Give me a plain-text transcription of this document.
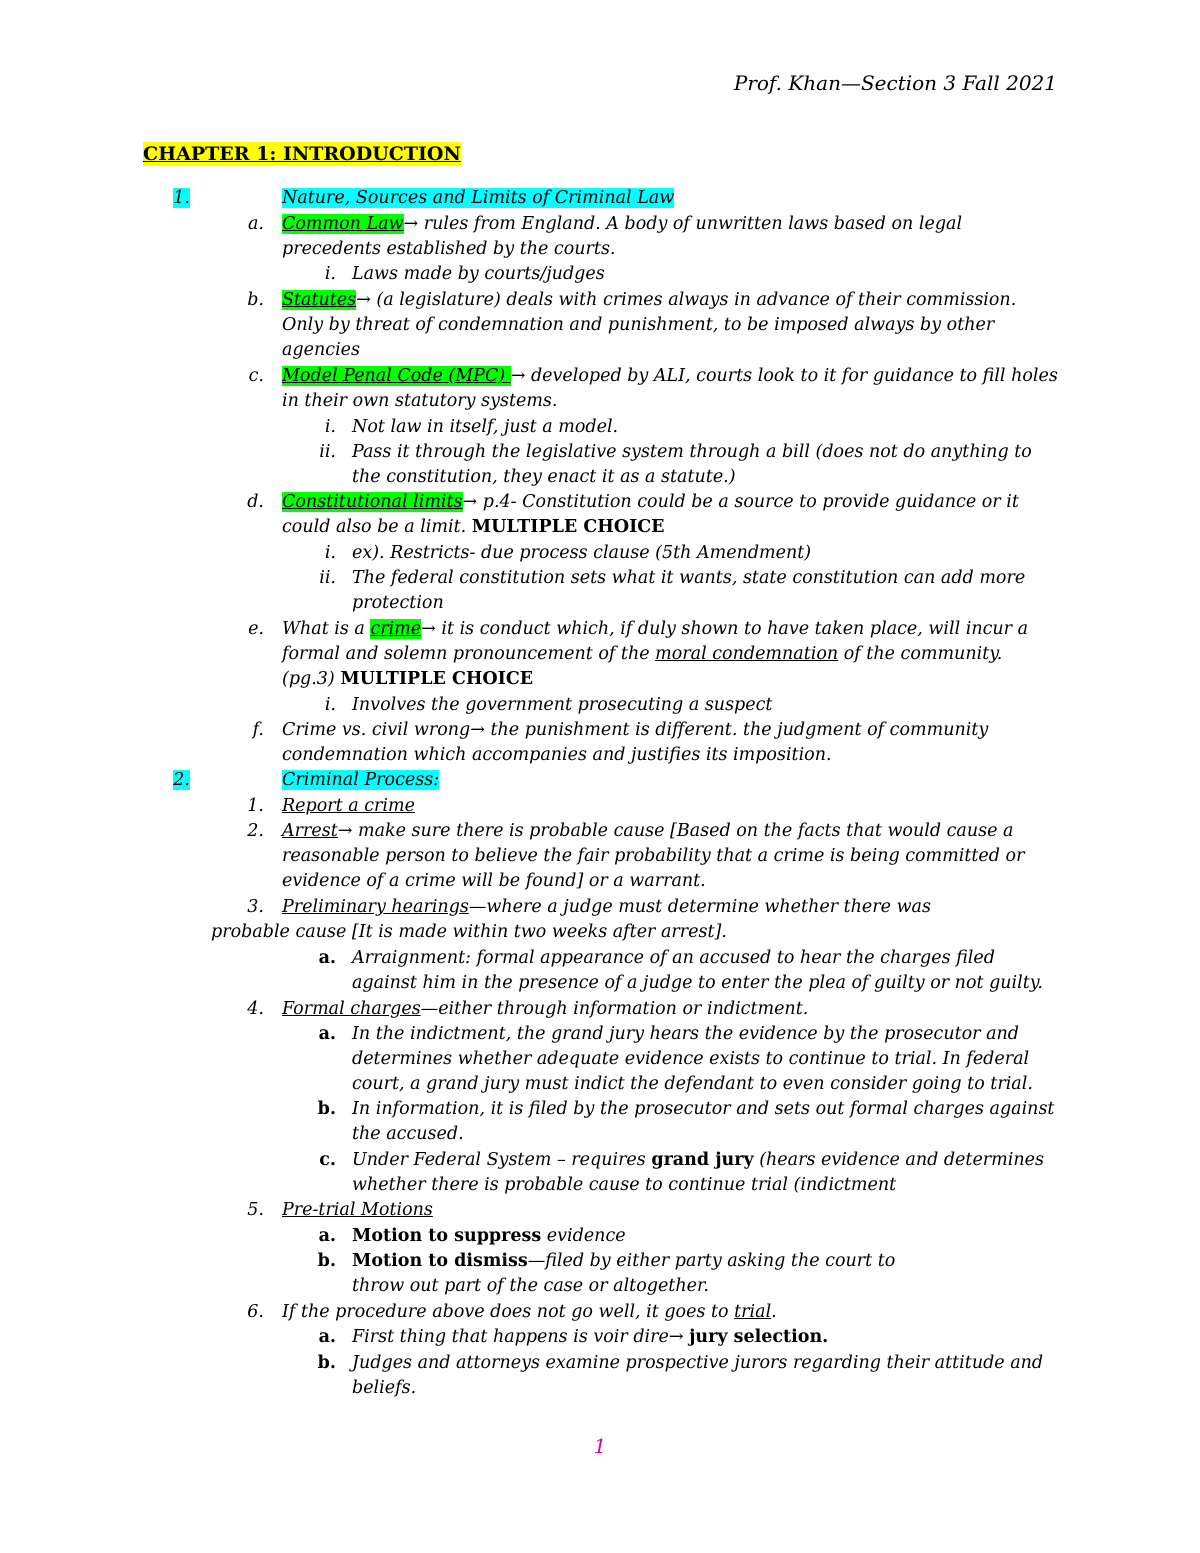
Prof. Khan—Section 3 Fall 2021
CHAPTER 1: INTRODUCTION
1.	Nature, Sources and Limits of Criminal Law
a. Common Law→ rules from England. A body of unwritten laws based on legal
precedents established by the courts.
i. Laws made by courts/judges
b. Statutes→ (a legislature) deals with crimes always in advance of their commission.
Only by threat of condemnation and punishment, to be imposed always by other
agencies
c. Model Penal Code (MPC) → developed by ALI, courts look to it for guidance to fill holes
in their own statutory systems.
i. Not law in itself, just a model.
ii. Pass it through the legislative system through a bill (does not do anything to
the constitution, they enact it as a statute.)
d. Constitutional limits→ p.4- Constitution could be a source to provide guidance or it
could also be a limit. MULTIPLE CHOICE
i. ex). Restricts- due process clause (5th Amendment)
ii. The federal constitution sets what it wants, state constitution can add more
protection
e. What is a crime→ it is conduct which, if duly shown to have taken place, will incur a
formal and solemn pronouncement of the moral condemnation of the community.
(pg.3) MULTIPLE CHOICE
i. Involves the government prosecuting a suspect
f. Crime vs. civil wrong→ the punishment is different. the judgment of community
condemnation which accompanies and justifies its imposition.
2.	Criminal Process:
1. Report a crime
2. Arrest→ make sure there is probable cause [Based on the facts that would cause a
reasonable person to believe the fair probability that a crime is being committed or
evidence of a crime will be found] or a warrant.
3. Preliminary hearings—where a judge must determine whether there was
probable cause [It is made within two weeks after arrest].
a. Arraignment: formal appearance of an accused to hear the charges filed
against him in the presence of a judge to enter the plea of guilty or not guilty.
4. Formal charges—either through information or indictment.
a. In the indictment, the grand jury hears the evidence by the prosecutor and
determines whether adequate evidence exists to continue to trial. In federal
court, a grand jury must indict the defendant to even consider going to trial.
b. In information, it is filed by the prosecutor and sets out formal charges against
the accused.
c. Under Federal System – requires grand jury (hears evidence and determines
whether there is probable cause to continue trial (indictment
5. Pre-trial Motions
a. Motion to suppress evidence
b. Motion to dismiss—filed by either party asking the court to
throw out part of the case or altogether.
6. If the procedure above does not go well, it goes to trial.
a. First thing that happens is voir dire→ jury selection.
b. Judges and attorneys examine prospective jurors regarding their attitude and
beliefs.
1
